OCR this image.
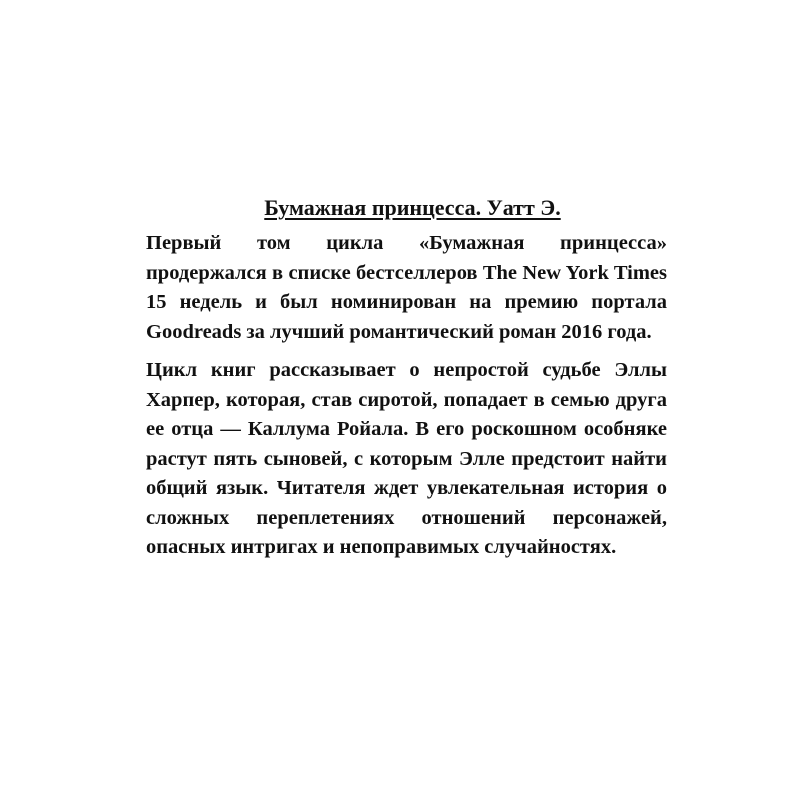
Бумажная принцесса. Уатт Э.

Первый том цикла «Бумажная принцесса» продержался в списке бестселлеров The New York Times 15 недель и был номинирован на премию портала Goodreads за лучший романтический роман 2016 года.

Цикл книг рассказывает о непростой судьбе Эллы Харпер, которая, став сиротой, попадает в семью друга ее отца — Каллума Ройала. В его роскошном особняке растут пять сыновей, с которым Элле предстоит найти общий язык. Читателя ждет увлекательная история о сложных переплетениях отношений персонажей, опасных интригах и непоправимых случайностях.
